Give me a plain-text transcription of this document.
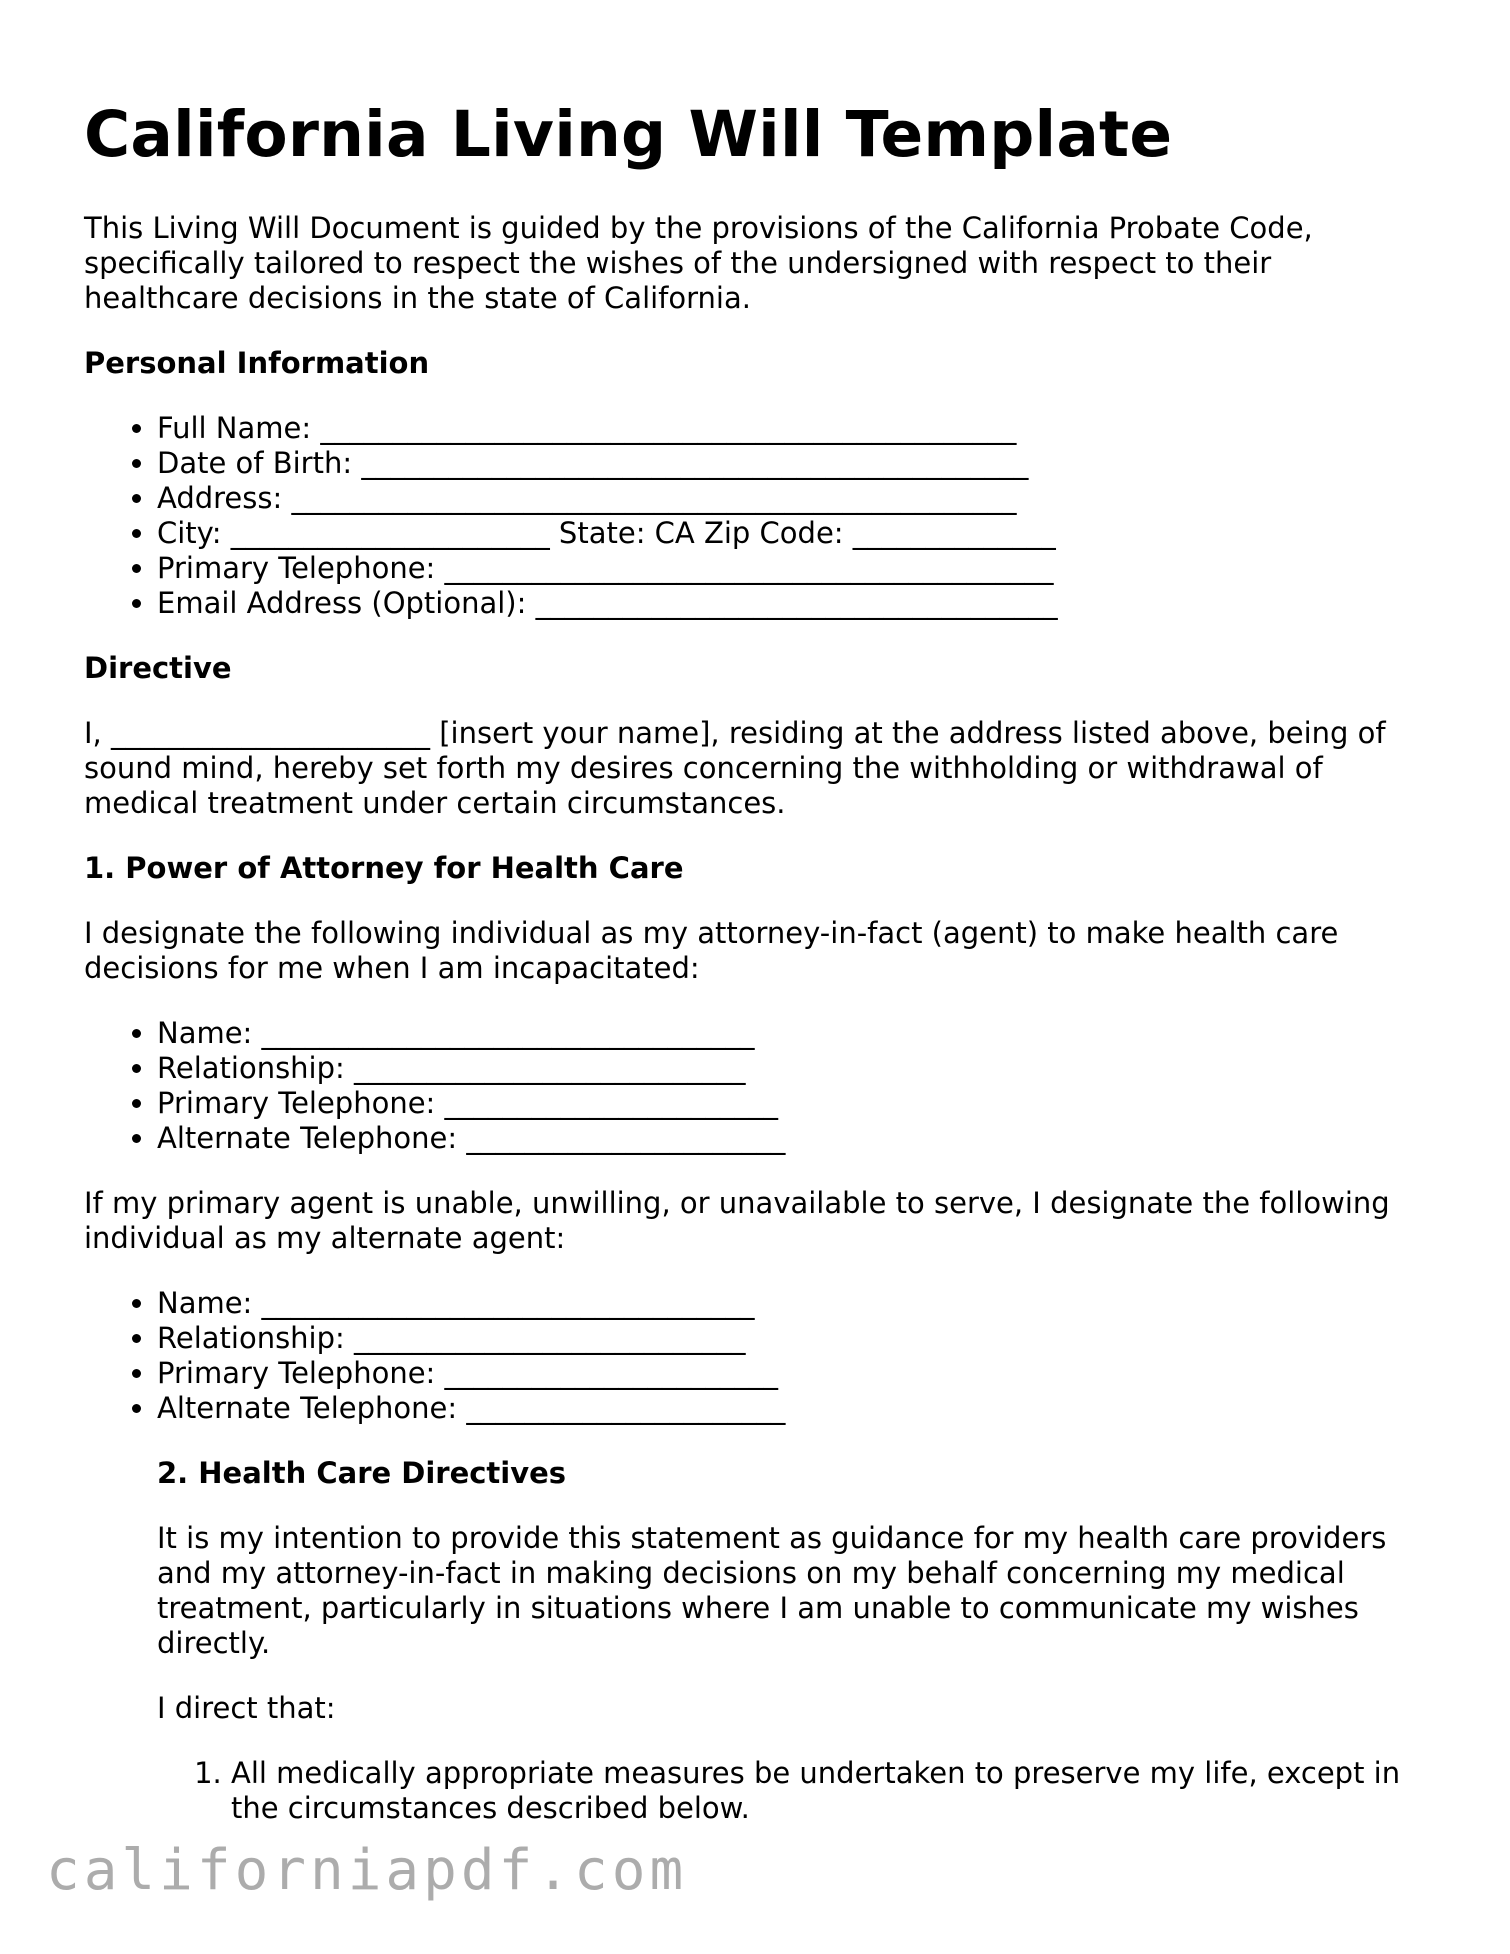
California Living Will Template

This Living Will Document is guided by the provisions of the California Probate Code, specifically tailored to respect the wishes of the undersigned with respect to their healthcare decisions in the state of California.

Personal Information
• Full Name: ________________________________________________
• Date of Birth: ______________________________________________
• Address: __________________________________________________
• City: ______________________ State: CA Zip Code: ______________
• Primary Telephone: __________________________________________
• Email Address (Optional): ____________________________________
Directive

I, ______________________ [insert your name], residing at the address listed above, being of sound mind, hereby set forth my desires concerning the withholding or withdrawal of medical treatment under certain circumstances.

1. Power of Attorney for Health Care

I designate the following individual as my attorney-in-fact (agent) to make health care decisions for me when I am incapacitated:

• Name: __________________________________
• Relationship: ___________________________
• Primary Telephone: _______________________
• Alternate Telephone: ______________________

If my primary agent is unable, unwilling, or unavailable to serve, I designate the following individual as my alternate agent:

• Name: __________________________________
• Relationship: ___________________________
• Primary Telephone: _______________________
• Alternate Telephone: ______________________
2. Health Care Directives

It is my intention to provide this statement as guidance for my health care providers and my attorney-in-fact in making decisions on my behalf concerning my medical treatment, particularly in situations where I am unable to communicate my wishes directly.

I direct that:

1. All medically appropriate measures be undertaken to preserve my life, except in the circumstances described below.
californiapdf.com
